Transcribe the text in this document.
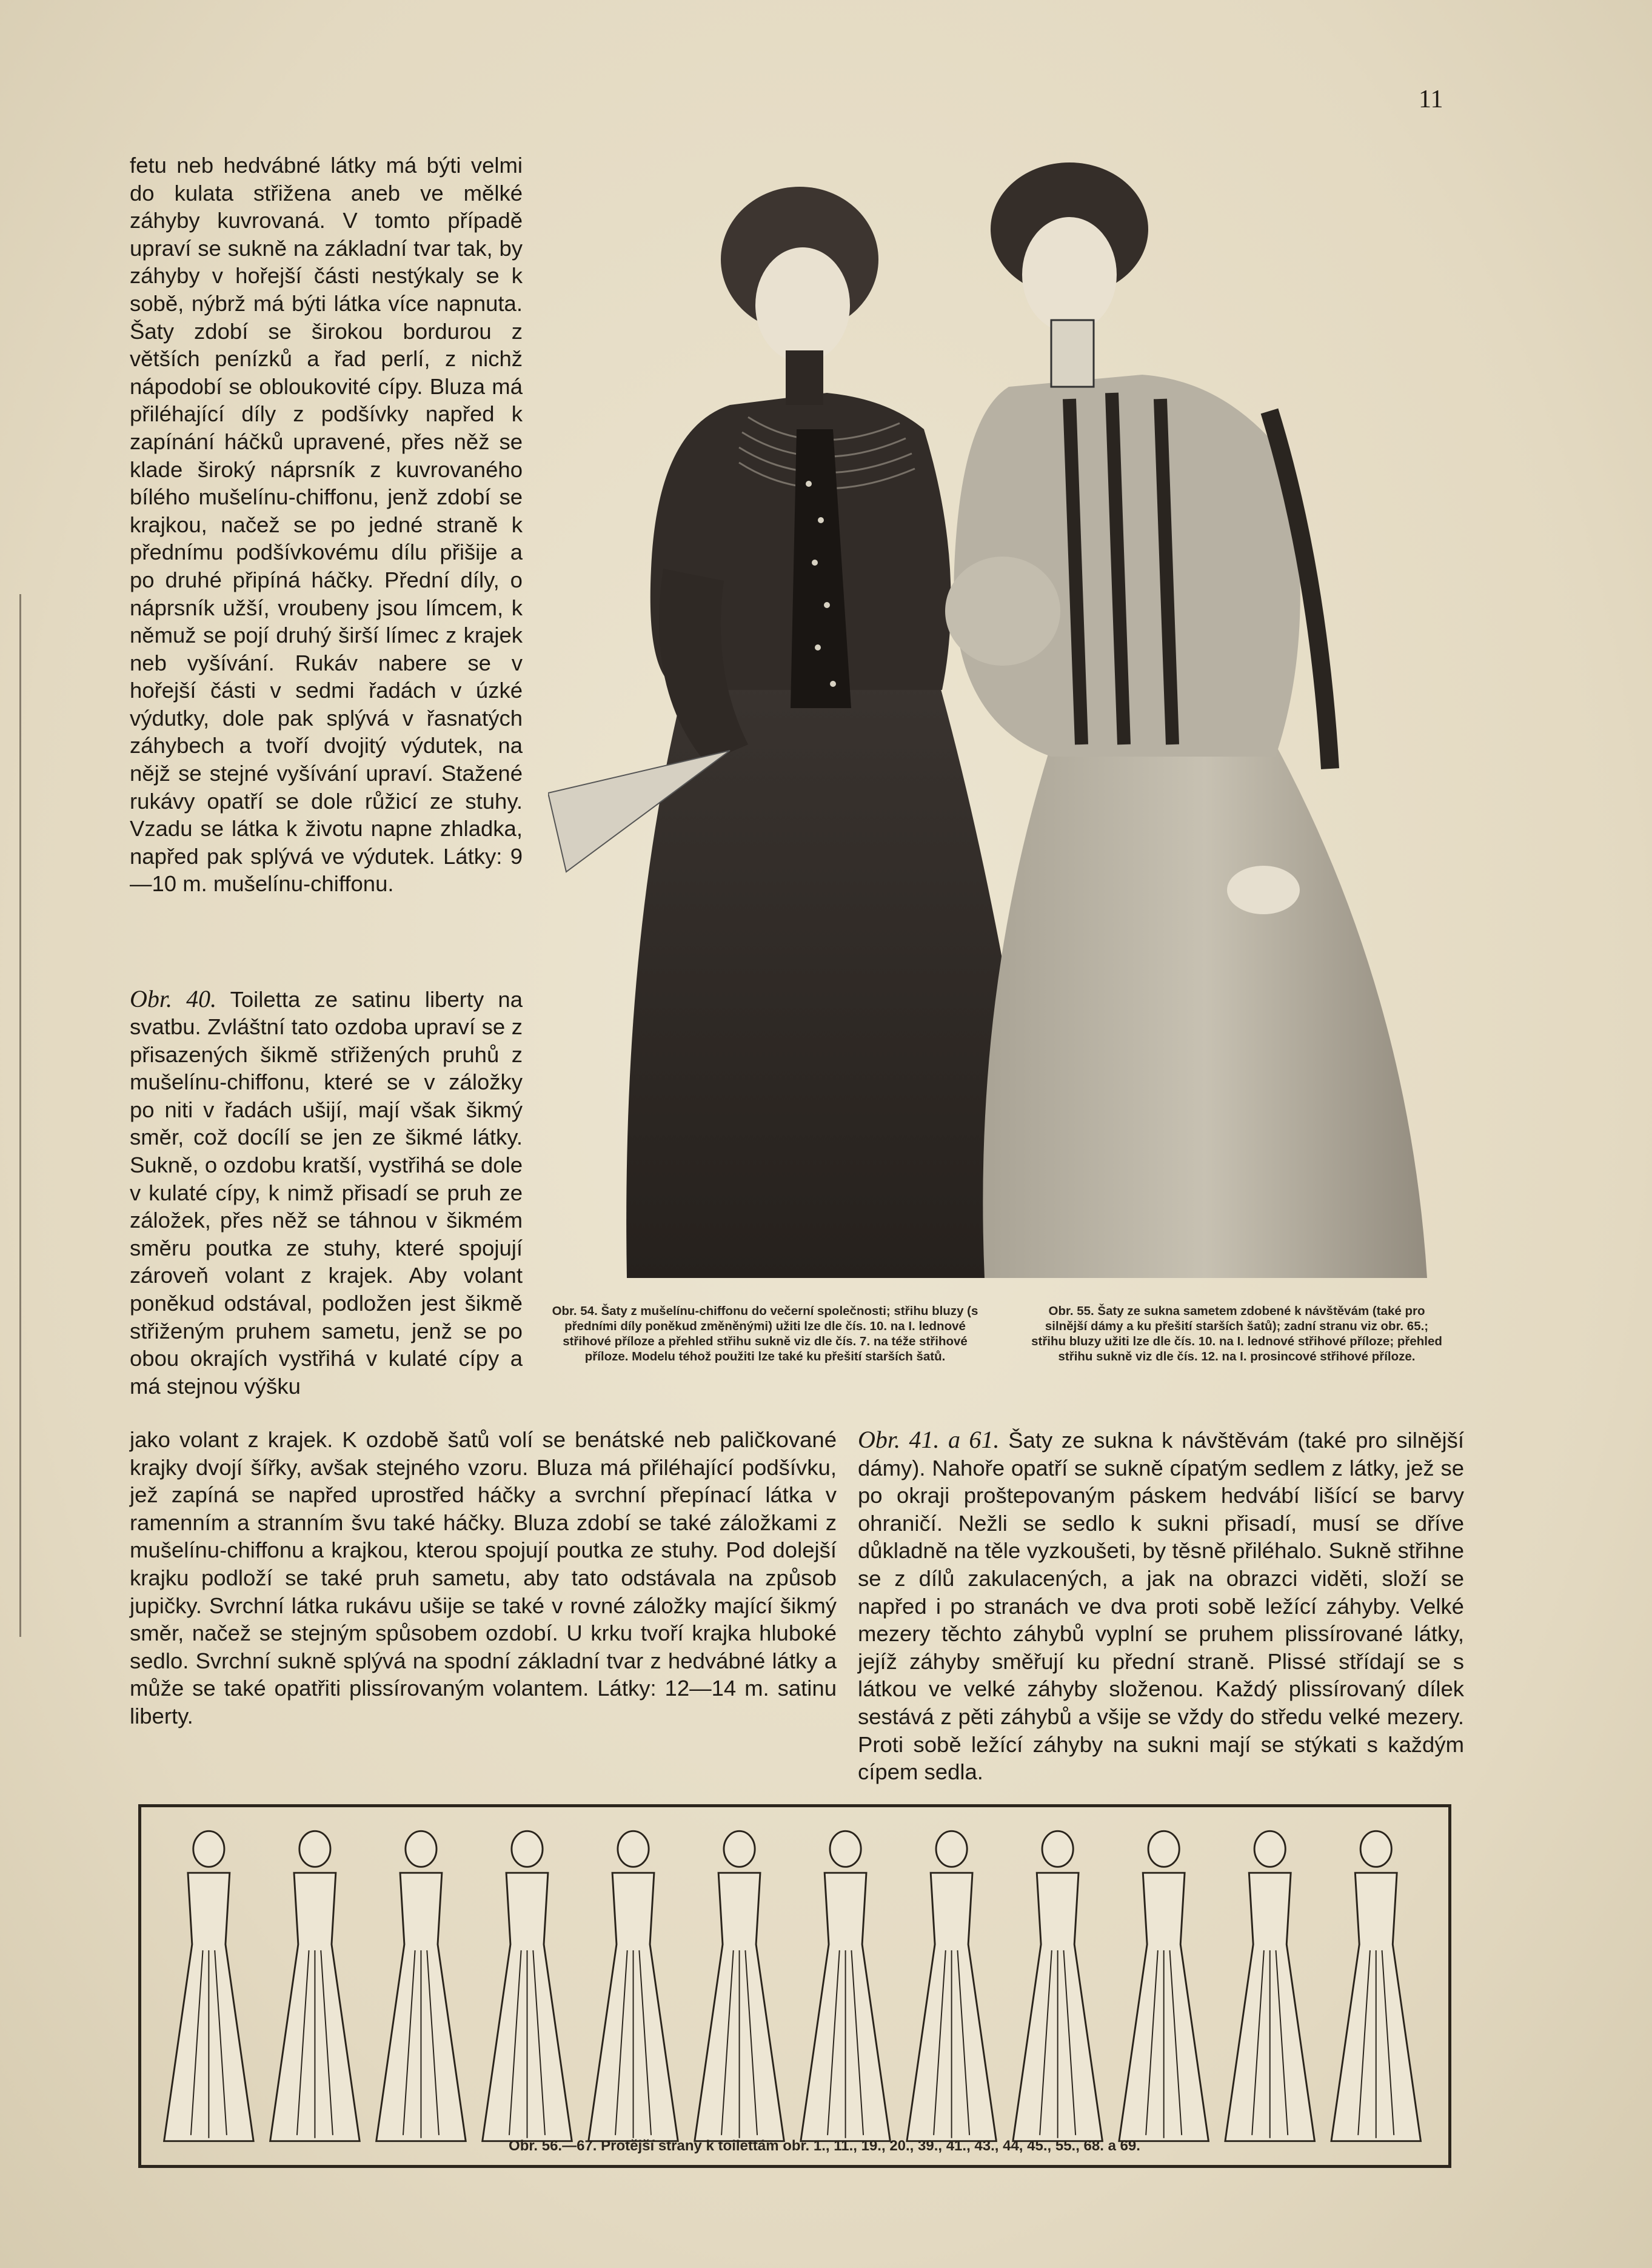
11

fetu neb hedvábné látky má býti velmi do kulata střižena aneb ve mělké záhyby kuvrovaná. V tomto případě upraví se sukně na základní tvar tak, by záhyby v hořejší části nestýkaly se k sobě, nýbrž má býti látka více napnuta. Šaty zdobí se širokou bordurou z větších penízků a řad perlí, z nichž nápodobí se obloukovité cípy. Bluza má přiléhající díly z podšívky napřed k zapínání háčků upravené, přes něž se klade široký náprsník z kuvrovaného bílého mušelínu-chiffonu, jenž zdobí se krajkou, načež se po jedné straně k přednímu podšívkovému dílu přišije a po druhé připíná háčky. Přední díly, o náprsník užší, vroubeny jsou límcem, k němuž se pojí druhý širší límec z krajek neb vyšívání. Rukáv nabere se v hořejší části v sedmi řadách v úzké výdutky, dole pak splývá v řasnatých záhybech a tvoří dvojitý výdutek, na nějž se stejné vyšívání upraví. Stažené rukávy opatří se dole růžicí ze stuhy. Vzadu se látka k životu napne zhladka, napřed pak splývá ve výdutek. Látky: 9—10 m. mušelínu-chiffonu.

Obr. 40. Toiletta ze satinu liberty na svatbu. Zvláštní tato ozdoba upraví se z přisazených šikmě střižených pruhů z mušelínu-chiffonu, které se v záložky po niti v řadách ušijí, mají však šikmý směr, což docílí se jen ze šikmé látky. Sukně, o ozdobu kratší, vystřihá se dole v kulaté cípy, k nimž přisadí se pruh ze záložek, přes něž se táhnou v šikmém směru poutka ze stuhy, které spojují zároveň volant z krajek. Aby volant poněkud odstával, podložen jest šikmě střiženým pruhem sametu, jenž se po obou okrajích vystřihá v kulaté cípy a má stejnou výšku

Obr. 54. Šaty z mušelínu-chiffonu do večerní společnosti; střihu bluzy (s předními díly poněkud změněnými) užiti lze dle čís. 10. na I. lednové střihové příloze a přehled střihu sukně viz dle čís. 7. na téže střihové příloze. Modelu téhož použiti lze také ku přešití starších šatů.
Obr. 55. Šaty ze sukna sametem zdobené k návštěvám (také pro silnější dámy a ku přešití starších šatů); zadní stranu viz obr. 65.; střihu bluzy užiti lze dle čís. 10. na I. lednové střihové příloze; přehled střihu sukně viz dle čís. 12. na I. prosincové střihové příloze.

jako volant z krajek. K ozdobě šatů volí se benátské neb paličkované krajky dvojí šířky, avšak stejného vzoru. Bluza má přiléhající podšívku, jež zapíná se napřed uprostřed háčky a svrchní přepínací látka v ramenním a stranním švu také háčky. Bluza zdobí se také záložkami z mušelínu-chiffonu a krajkou, kterou spojují poutka ze stuhy. Pod dolejší krajku podloží se také pruh sametu, aby tato odstávala na způsob jupičky. Svrchní látka rukávu ušije se také v rovné záložky mající šikmý směr, načež se stejným spůsobem ozdobí. U krku tvoří krajka hluboké sedlo. Svrchní sukně splývá na spodní základní tvar z hedvábné látky a může se také opatřiti plissírovaným volantem. Látky: 12—14 m. satinu liberty.

Obr. 41. a 61. Šaty ze sukna k návštěvám (také pro silnější dámy). Nahoře opatří se sukně cípatým sedlem z látky, jež se po okraji proštepovaným páskem hedvábí lišící se barvy ohraničí. Nežli se sedlo k sukni přisadí, musí se dříve důkladně na těle vyzkoušeti, by těsně přiléhalo. Sukně střihne se z dílů zakulacených, a jak na obrazci viděti, složí se napřed i po stranách ve dva proti sobě ležící záhyby. Velké mezery těchto záhybů vyplní se pruhem plissírované látky, jejíž záhyby směřují ku přední straně. Plissé střídají se s látkou ve velké záhyby složenou. Každý plissírovaný dílek sestává z pěti záhybů a všije se vždy do středu velké mezery. Proti sobě ležící záhyby na sukni mají se stýkati s každým cípem sedla.

Obr. 56.—67. Protější strany k toilettám obr. 1., 11., 19., 20., 39., 41., 43., 44, 45., 55., 68. a 69.
